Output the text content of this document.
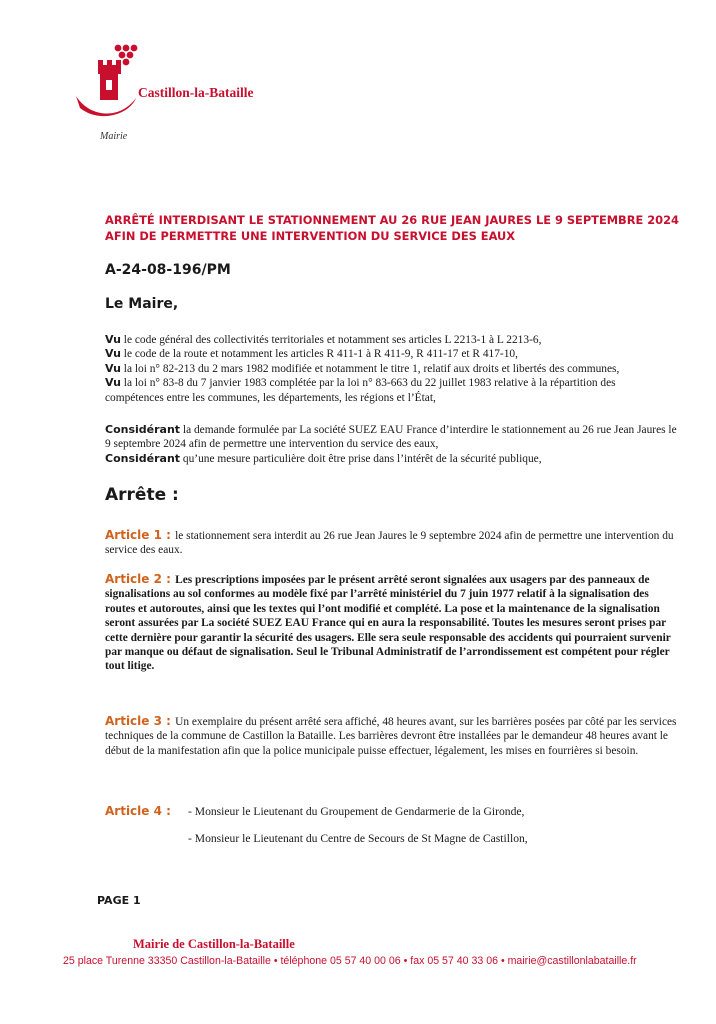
Castillon-la-Bataille
Mairie
ARRÊTÉ INTERDISANT LE STATIONNEMENT AU 26 RUE JEAN JAURES LE 9 SEPTEMBRE 2024 AFIN DE PERMETTRE UNE INTERVENTION DU SERVICE DES EAUX
A-24-08-196/PM
Le Maire,
Vu le code général des collectivités territoriales et notamment ses articles L 2213-1 à L 2213-6,
Vu le code de la route et notamment les articles R 411-1 à R 411-9, R 411-17 et R 417-10,
Vu la loi n° 82-213 du 2 mars 1982 modifiée et notamment le titre 1, relatif aux droits et libertés des communes,
Vu la loi n° 83-8 du 7 janvier 1983 complétée par la loi n° 83-663 du 22 juillet 1983 relative à la répartition des compétences entre les communes, les départements, les régions et l’État,
Considérant la demande formulée par La société SUEZ EAU France d’interdire le stationnement au 26 rue Jean Jaures le 9 septembre 2024 afin de permettre une intervention du service des eaux,
Considérant qu’une mesure particulière doit être prise dans l’intérêt de la sécurité publique,
Arrête :
Article 1 : le stationnement sera interdit au 26 rue Jean Jaures le 9 septembre 2024 afin de permettre une intervention du service des eaux.
Article 2 : Les prescriptions imposées par le présent arrêté seront signalées aux usagers par des panneaux de signalisations au sol conformes au modèle fixé par l’arrêté ministériel du 7 juin 1977 relatif à la signalisation des routes et autoroutes, ainsi que les textes qui l’ont modifié et complété. La pose et la maintenance de la signalisation seront assurées par La société SUEZ EAU France qui en aura la responsabilité. Toutes les mesures seront prises par cette dernière pour garantir la sécurité des usagers. Elle sera seule responsable des accidents qui pourraient survenir par manque ou défaut de signalisation. Seul le Tribunal Administratif de l’arrondissement est compétent pour régler tout litige.
Article 3 : Un exemplaire du présent arrêté sera affiché, 48 heures avant, sur les barrières posées par côté par les services techniques de la commune de Castillon la Bataille. Les barrières devront être installées par le demandeur 48 heures avant le début de la manifestation afin que la police municipale puisse effectuer, légalement, les mises en fourrières si besoin.
Article 4 : - Monsieur le Lieutenant du Groupement de Gendarmerie de la Gironde,
- Monsieur le Lieutenant du Centre de Secours de St Magne de Castillon,
PAGE 1
Mairie de Castillon-la-Bataille
25 place Turenne 33350 Castillon-la-Bataille • téléphone 05 57 40 00 06 • fax 05 57 40 33 06 • mairie@castillonlabataille.fr
